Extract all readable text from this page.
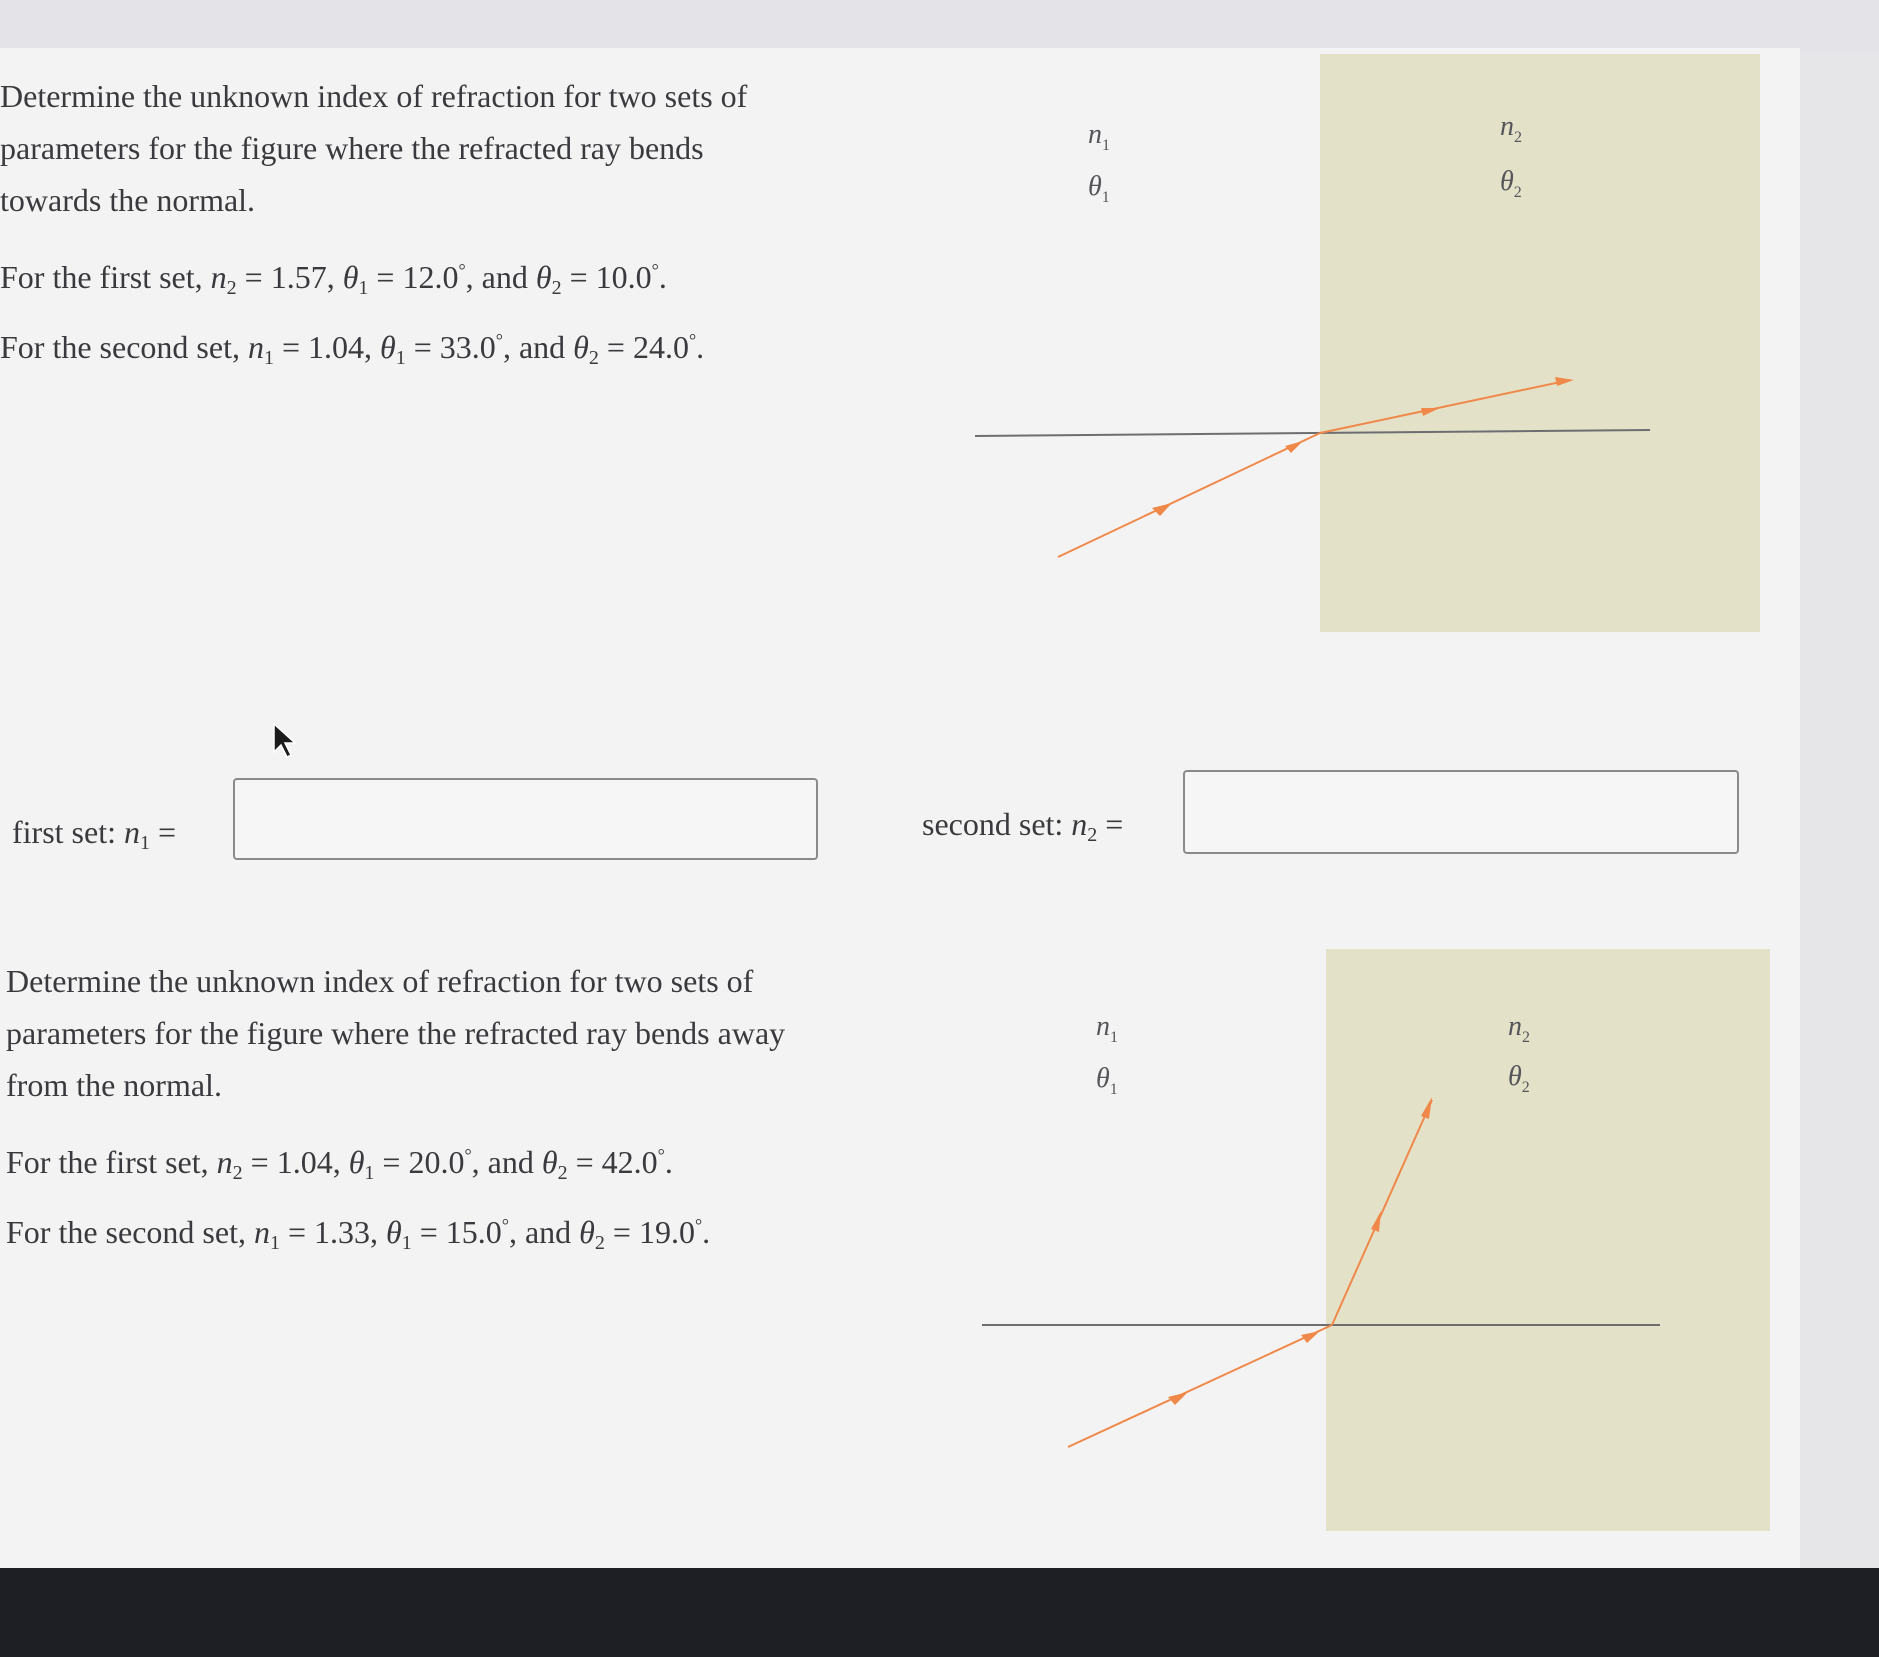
Determine the unknown index of refraction for two sets of parameters for the figure where the refracted ray bends towards the normal.

For the first set, $n_2 = 1.57$, $\theta_1 = 12.0^\circ$, and $\theta_2 = 10.0^\circ$.

For the second set, $n_1 = 1.04$, $\theta_1 = 33.0^\circ$, and $\theta_2 = 24.0^\circ$.

$n_1$
$\theta_1$
$n_2$
$\theta_2$
first set: $n_1$ =	second set: $n_2$ =

Determine the unknown index of refraction for two sets of parameters for the figure where the refracted ray bends away from the normal.

For the first set, $n_2 = 1.04$, $\theta_1 = 20.0^\circ$, and $\theta_2 = 42.0^\circ$.

For the second set, $n_1 = 1.33$, $\theta_1 = 15.0^\circ$, and $\theta_2 = 19.0^\circ$.

$n_1$
$\theta_1$
$n_2$
$\theta_2$
